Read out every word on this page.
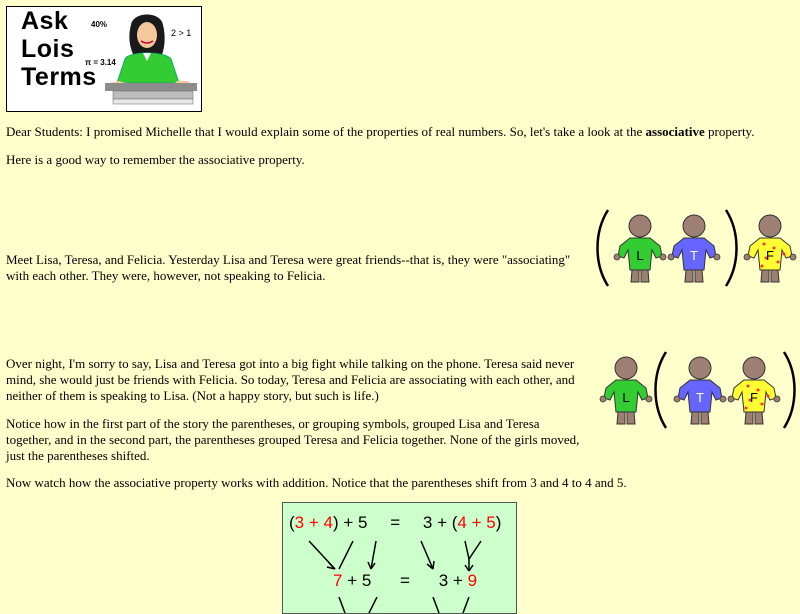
Ask
Lois
Terms
40%
2 > 1
π = 3.14

Dear Students: I promised Michelle that I would explain some of the properties of real numbers. So, let's take a look at the associative property.

Here is a good way to remember the associative property.

Meet Lisa, Teresa, and Felicia. Yesterday Lisa and Teresa were great friends--that is, they were "associating" with each other. They were, however, not speaking to Felicia.

Over night, I'm sorry to say, Lisa and Teresa got into a big fight while talking on the phone. Teresa said never mind, she would just be friends with Felicia. So today, Teresa and Felicia are associating with each other, and neither of them is speaking to Lisa. (Not a happy story, but such is life.)

Notice how in the first part of the story the parentheses, or grouping symbols, grouped Lisa and Teresa together, and in the second part, the parentheses grouped Teresa and Felicia together. None of the girls moved, just the parentheses shifted.

Now watch how the associative property works with addition. Notice that the parentheses shift from 3 and 4 to 4 and 5.

L	T	F
L	T	F
(3 + 4) + 5 = 3 + (4 + 5)
7 + 5 = 3 + 9
